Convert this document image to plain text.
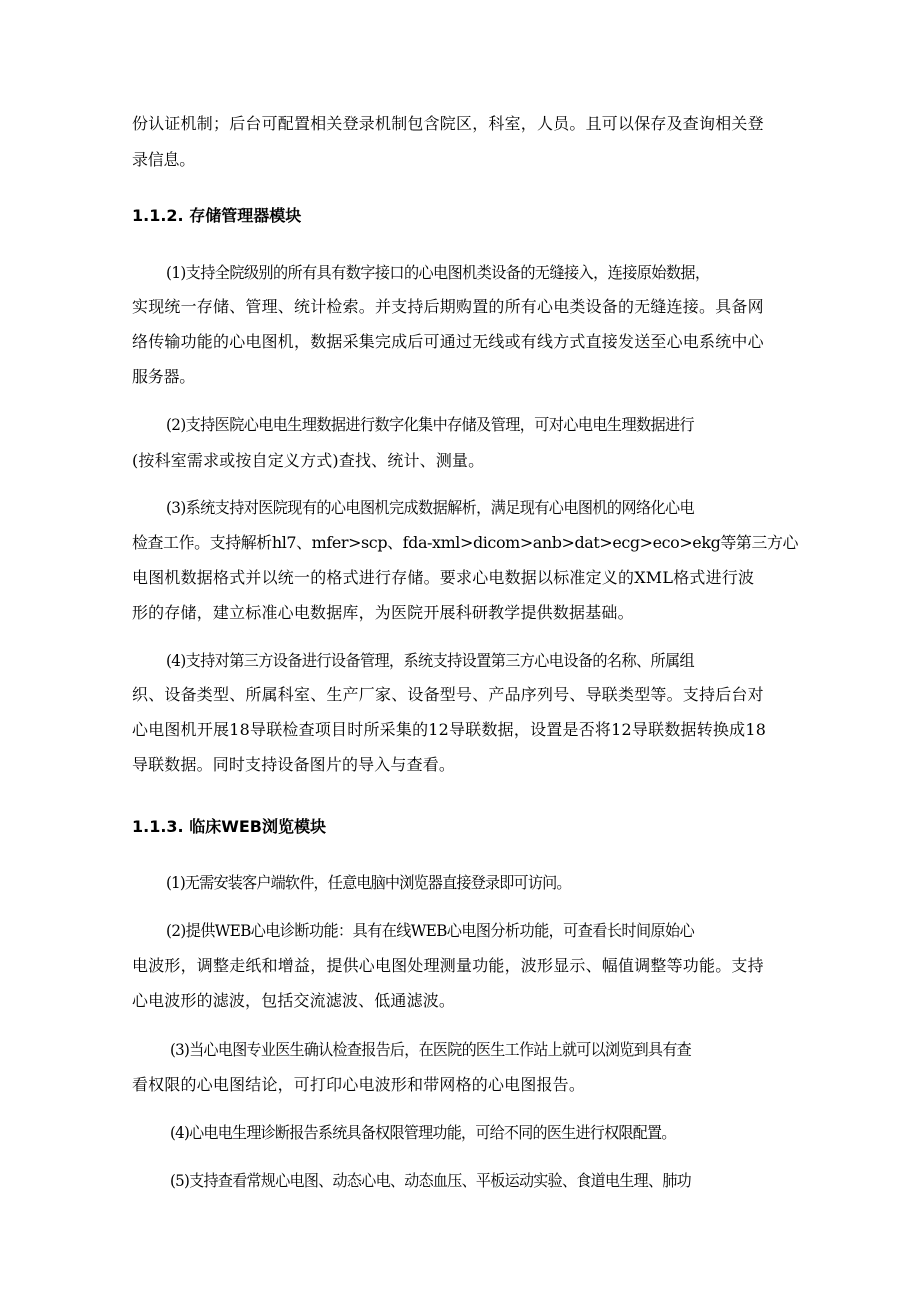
份认证机制；后台可配置相关登录机制包含院区，科室，人员。且可以保存及查询相关登
录信息。
1.1.2. 存储管理器模块
(1)支持全院级别的所有具有数字接口的心电图机类设备的无缝接入，连接原始数据，
实现统一存储、管理、统计检索。并支持后期购置的所有心电类设备的无缝连接。具备网
络传输功能的心电图机，数据采集完成后可通过无线或有线方式直接发送至心电系统中心
服务器。
(2)支持医院心电电生理数据进行数字化集中存储及管理，可对心电电生理数据进行
(按科室需求或按自定义方式)查找、统计、测量。
(3)系统支持对医院现有的心电图机完成数据解析，满足现有心电图机的网络化心电
检查工作。支持解析hl7、mfer>scp、fda-xml>dicom>anb>dat>ecg>eco>ekg等第三方心
电图机数据格式并以统一的格式进行存储。要求心电数据以标准定义的XML格式进行波
形的存储，建立标准心电数据库，为医院开展科研教学提供数据基础。
(4)支持对第三方设备进行设备管理，系统支持设置第三方心电设备的名称、所属组
织、设备类型、所属科室、生产厂家、设备型号、产品序列号、导联类型等。支持后台对
心电图机开展18导联检查项目时所采集的12导联数据，设置是否将12导联数据转换成18
导联数据。同时支持设备图片的导入与查看。
1.1.3. 临床WEB浏览模块
(1)无需安装客户端软件，任意电脑中浏览器直接登录即可访问。
(2)提供WEB心电诊断功能：具有在线WEB心电图分析功能，可查看长时间原始心
电波形，调整走纸和增益，提供心电图处理测量功能，波形显示、幅值调整等功能。支持
心电波形的滤波，包括交流滤波、低通滤波。
(3)当心电图专业医生确认检查报告后，在医院的医生工作站上就可以浏览到具有查
看权限的心电图结论，可打印心电波形和带网格的心电图报告。
(4)心电电生理诊断报告系统具备权限管理功能，可给不同的医生进行权限配置。
(5)支持查看常规心电图、动态心电、动态血压、平板运动实验、食道电生理、肺功
